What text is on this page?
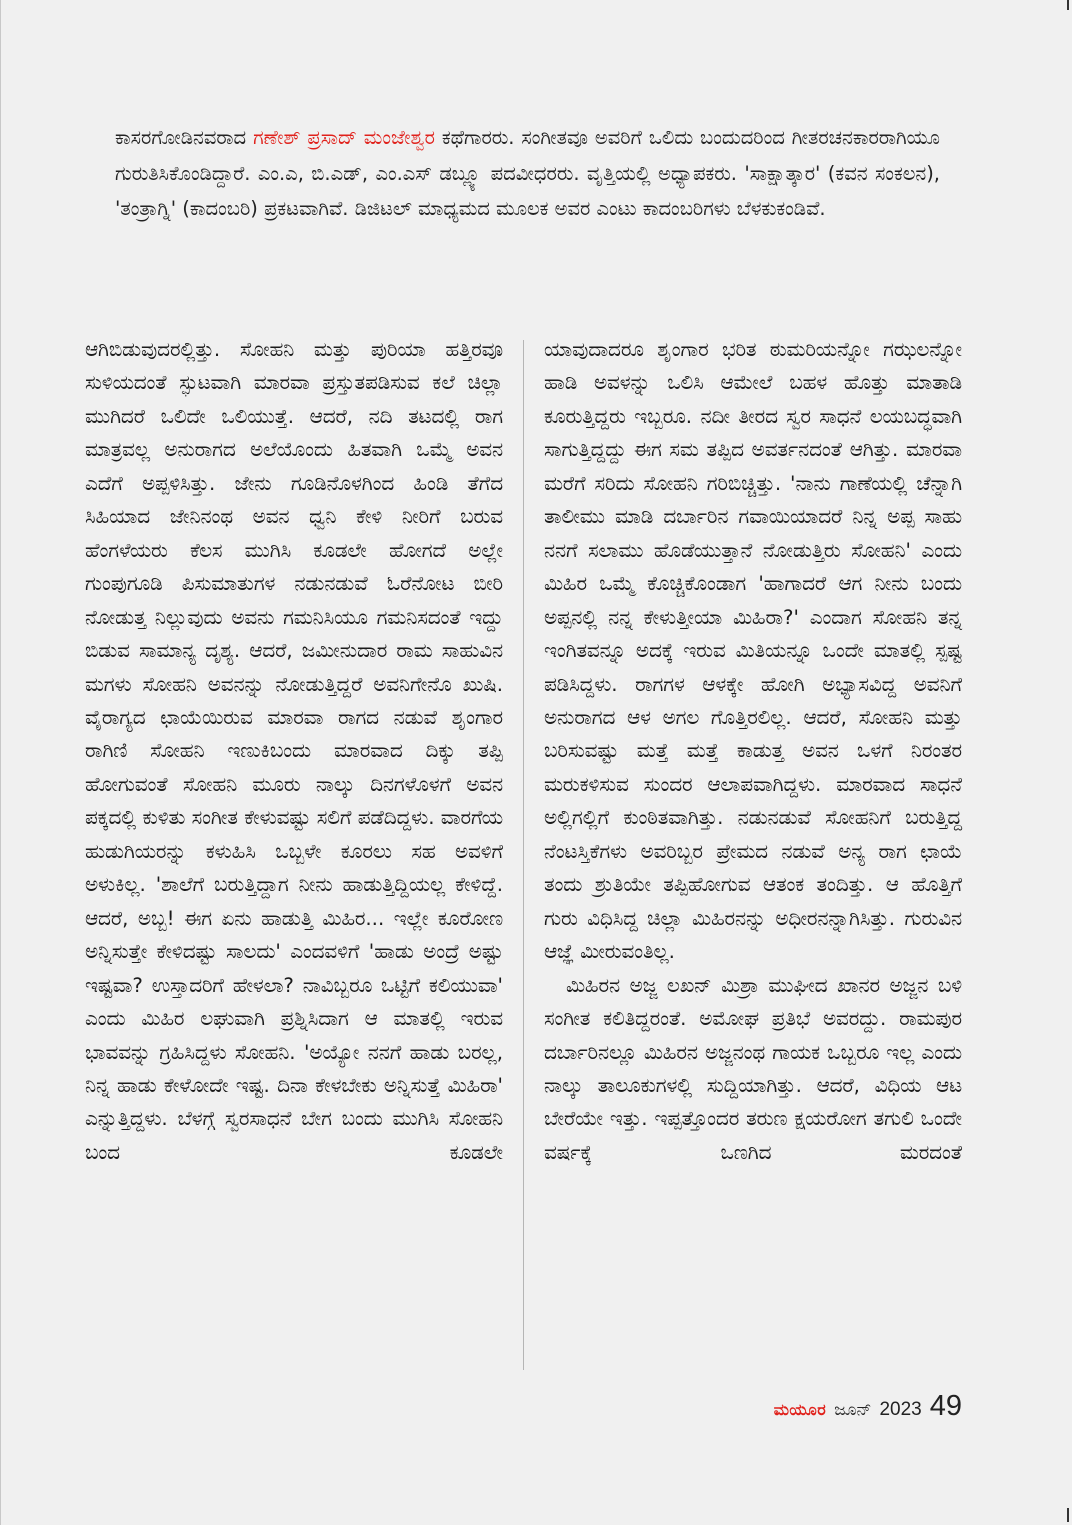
ಕಾಸರಗೋಡಿನವರಾದ ಗಣೇಶ್ ಪ್ರಸಾದ್ ಮಂಜೇಶ್ವರ ಕಥೆಗಾರರು. ಸಂಗೀತವೂ ಅವರಿಗೆ ಒಲಿದು ಬಂದುದರಿಂದ ಗೀತರಚನಕಾರರಾಗಿಯೂ ಗುರುತಿಸಿಕೊಂಡಿದ್ದಾರೆ. ಎಂ.ಎ, ಬಿ.ಎಡ್, ಎಂ.ಎಸ್ ಡಬ್ಲ್ಯೂ ಪದವೀಧರರು. ವೃತ್ತಿಯಲ್ಲಿ ಅಧ್ಯಾಪಕರು. 'ಸಾಕ್ಷಾತ್ಕಾರ' (ಕವನ ಸಂಕಲನ), 'ತಂತ್ರಾಗ್ನಿ' (ಕಾದಂಬರಿ) ಪ್ರಕಟವಾಗಿವೆ. ಡಿಜಿಟಲ್ ಮಾಧ್ಯಮದ ಮೂಲಕ ಅವರ ಎಂಟು ಕಾದಂಬರಿಗಳು ಬೆಳಕುಕಂಡಿವೆ.

ಆಗಿಬಿಡುವುದರಲ್ಲಿತ್ತು. ಸೋಹನಿ ಮತ್ತು ಪುರಿಯಾ ಹತ್ತಿರವೂ ಸುಳಿಯದಂತೆ ಸ್ಫುಟವಾಗಿ ಮಾರವಾ ಪ್ರಸ್ತುತಪಡಿಸುವ ಕಲೆ ಚಿಲ್ಲಾ ಮುಗಿದರೆ ಒಲಿದೇ ಒಲಿಯುತ್ತೆ. ಆದರೆ, ನದಿ ತಟದಲ್ಲಿ ರಾಗ ಮಾತ್ರವಲ್ಲ ಅನುರಾಗದ ಅಲೆಯೊಂದು ಹಿತವಾಗಿ ಒಮ್ಮೆ ಅವನ ಎದೆಗೆ ಅಪ್ಪಳಿಸಿತ್ತು. ಜೇನು ಗೂಡಿನೊಳಗಿಂದ ಹಿಂಡಿ ತೆಗೆದ ಸಿಹಿಯಾದ ಜೇನಿನಂಥ ಅವನ ಧ್ವನಿ ಕೇಳಿ ನೀರಿಗೆ ಬರುವ ಹೆಂಗಳೆಯರು ಕೆಲಸ ಮುಗಿಸಿ ಕೂಡಲೇ ಹೋಗದೆ ಅಲ್ಲೇ ಗುಂಪುಗೂಡಿ ಪಿಸುಮಾತುಗಳ ನಡುನಡುವೆ ಓರೆನೋಟ ಬೀರಿ ನೋಡುತ್ತ ನಿಲ್ಲುವುದು ಅವನು ಗಮನಿಸಿಯೂ ಗಮನಿಸದಂತೆ ಇದ್ದು ಬಿಡುವ ಸಾಮಾನ್ಯ ದೃಶ್ಯ. ಆದರೆ, ಜಮೀನುದಾರ ರಾಮ ಸಾಹುವಿನ ಮಗಳು ಸೋಹನಿ ಅವನನ್ನು ನೋಡುತ್ತಿದ್ದರೆ ಅವನಿಗೇನೊ ಖುಷಿ. ವೈರಾಗ್ಯದ ಛಾಯೆಯಿರುವ ಮಾರವಾ ರಾಗದ ನಡುವೆ ಶೃಂಗಾರ ರಾಗಿಣಿ ಸೋಹನಿ ಇಣುಕಿಬಂದು ಮಾರವಾದ ದಿಕ್ಕು ತಪ್ಪಿ ಹೋಗುವಂತೆ ಸೋಹನಿ ಮೂರು ನಾಲ್ಕು ದಿನಗಳೊಳಗೆ ಅವನ ಪಕ್ಕದಲ್ಲಿ ಕುಳಿತು ಸಂಗೀತ ಕೇಳುವಷ್ಟು ಸಲಿಗೆ ಪಡೆದಿದ್ದಳು. ವಾರಗೆಯ ಹುಡುಗಿಯರನ್ನು ಕಳುಹಿಸಿ ಒಬ್ಬಳೇ ಕೂರಲು ಸಹ ಅವಳಿಗೆ ಅಳುಕಿಲ್ಲ. 'ಶಾಲೆಗೆ ಬರುತ್ತಿದ್ದಾಗ ನೀನು ಹಾಡುತ್ತಿದ್ದಿಯಲ್ಲ ಕೇಳಿದ್ದೆ. ಆದರೆ, ಅಬ್ಬ! ಈಗ ಏನು ಹಾಡುತ್ತಿ ಮಿಹಿರ... ಇಲ್ಲೇ ಕೂರೋಣ ಅನ್ನಿಸುತ್ತೇ ಕೇಳಿದಷ್ಟು ಸಾಲದು' ಎಂದವಳಿಗೆ 'ಹಾಡು ಅಂದ್ರೆ ಅಷ್ಟು ಇಷ್ಟವಾ? ಉಸ್ತಾದರಿಗೆ ಹೇಳಲಾ? ನಾವಿಬ್ಬರೂ ಒಟ್ಟಿಗೆ ಕಲಿಯುವಾ' ಎಂದು ಮಿಹಿರ ಲಘುವಾಗಿ ಪ್ರಶ್ನಿಸಿದಾಗ ಆ ಮಾತಲ್ಲಿ ಇರುವ ಭಾವವನ್ನು ಗ್ರಹಿಸಿದ್ದಳು ಸೋಹನಿ. 'ಅಯ್ಯೋ ನನಗೆ ಹಾಡು ಬರಲ್ಲ, ನಿನ್ನ ಹಾಡು ಕೇಳೋದೇ ಇಷ್ಟ. ದಿನಾ ಕೇಳಬೇಕು ಅನ್ನಿಸುತ್ತೆ ಮಿಹಿರಾ' ಎನ್ನುತ್ತಿದ್ದಳು. ಬೆಳಗ್ಗೆ ಸ್ವರಸಾಧನೆ ಬೇಗ ಬಂದು ಮುಗಿಸಿ ಸೋಹನಿ ಬಂದ ಕೂಡಲೇ

ಯಾವುದಾದರೂ ಶೃಂಗಾರ ಭರಿತ ಠುಮರಿಯನ್ನೋ ಗಝಲನ್ನೋ ಹಾಡಿ ಅವಳನ್ನು ಒಲಿಸಿ ಆಮೇಲೆ ಬಹಳ ಹೊತ್ತು ಮಾತಾಡಿ ಕೂರುತ್ತಿದ್ದರು ಇಬ್ಬರೂ. ನದೀ ತೀರದ ಸ್ವರ ಸಾಧನೆ ಲಯಬದ್ಧವಾಗಿ ಸಾಗುತ್ತಿದ್ದದ್ದು ಈಗ ಸಮ ತಪ್ಪಿದ ಅವರ್ತನದಂತೆ ಆಗಿತ್ತು. ಮಾರವಾ ಮರೆಗೆ ಸರಿದು ಸೋಹನಿ ಗರಿಬಿಚ್ಚಿತ್ತು. 'ನಾನು ಗಾಣೆಯಲ್ಲಿ ಚೆನ್ನಾಗಿ ತಾಲೀಮು ಮಾಡಿ ದರ್ಬಾರಿನ ಗವಾಯಿಯಾದರೆ ನಿನ್ನ ಅಪ್ಪ ಸಾಹು ನನಗೆ ಸಲಾಮು ಹೊಡೆಯುತ್ತಾನೆ ನೋಡುತ್ತಿರು ಸೋಹನಿ' ಎಂದು ಮಿಹಿರ ಒಮ್ಮೆ ಕೊಚ್ಚಿಕೊಂಡಾಗ 'ಹಾಗಾದರೆ ಆಗ ನೀನು ಬಂದು ಅಪ್ಪನಲ್ಲಿ ನನ್ನ ಕೇಳುತ್ತೀಯಾ ಮಿಹಿರಾ?' ಎಂದಾಗ ಸೋಹನಿ ತನ್ನ ಇಂಗಿತವನ್ನೂ ಅದಕ್ಕೆ ಇರುವ ಮಿತಿಯನ್ನೂ ಒಂದೇ ಮಾತಲ್ಲಿ ಸ್ಪಷ್ಟ ಪಡಿಸಿದ್ದಳು. ರಾಗಗಳ ಆಳಕ್ಕೇ ಹೋಗಿ ಅಭ್ಯಾಸವಿದ್ದ ಅವನಿಗೆ ಅನುರಾಗದ ಆಳ ಅಗಲ ಗೊತ್ತಿರಲಿಲ್ಲ. ಆದರೆ, ಸೋಹನಿ ಮತ್ತು ಬರಿಸುವಷ್ಟು ಮತ್ತೆ ಮತ್ತೆ ಕಾಡುತ್ತ ಅವನ ಒಳಗೆ ನಿರಂತರ ಮರುಕಳಿಸುವ ಸುಂದರ ಆಲಾಪವಾಗಿದ್ದಳು. ಮಾರವಾದ ಸಾಧನೆ ಅಲ್ಲಿಗಲ್ಲಿಗೆ ಕುಂಠಿತವಾಗಿತ್ತು. ನಡುನಡುವೆ ಸೋಹನಿಗೆ ಬರುತ್ತಿದ್ದ ನೆಂಟಸ್ತಿಕೆಗಳು ಅವರಿಬ್ಬರ ಪ್ರೇಮದ ನಡುವೆ ಅನ್ಯ ರಾಗ ಛಾಯೆ ತಂದು ಶ್ರುತಿಯೇ ತಪ್ಪಿಹೋಗುವ ಆತಂಕ ತಂದಿತ್ತು. ಆ ಹೊತ್ತಿಗೆ ಗುರು ವಿಧಿಸಿದ್ದ ಚಿಲ್ಲಾ ಮಿಹಿರನನ್ನು ಅಧೀರನನ್ನಾಗಿಸಿತ್ತು. ಗುರುವಿನ ಆಜ್ಞೆ ಮೀರುವಂತಿಲ್ಲ.

ಮಿಹಿರನ ಅಜ್ಜ ಲಖನ್ ಮಿಶ್ರಾ ಮುಘೀದ ಖಾನರ ಅಜ್ಜನ ಬಳಿ ಸಂಗೀತ ಕಲಿತಿದ್ದರಂತೆ. ಅಮೋಘ ಪ್ರತಿಭೆ ಅವರದ್ದು. ರಾಮಪುರ ದರ್ಬಾರಿನಲ್ಲೂ ಮಿಹಿರನ ಅಜ್ಜನಂಥ ಗಾಯಕ ಒಬ್ಬರೂ ಇಲ್ಲ ಎಂದು ನಾಲ್ಕು ತಾಲೂಕುಗಳಲ್ಲಿ ಸುದ್ದಿಯಾಗಿತ್ತು. ಆದರೆ, ವಿಧಿಯ ಆಟ ಬೇರೆಯೇ ಇತ್ತು. ಇಪ್ಪತ್ತೊಂದರ ತರುಣ ಕ್ಷಯರೋಗ ತಗುಲಿ ಒಂದೇ ವರ್ಷಕ್ಕೆ ಒಣಗಿದ ಮರದಂತೆ

ಮಯೂರ ಜೂನ್ 2023 49
